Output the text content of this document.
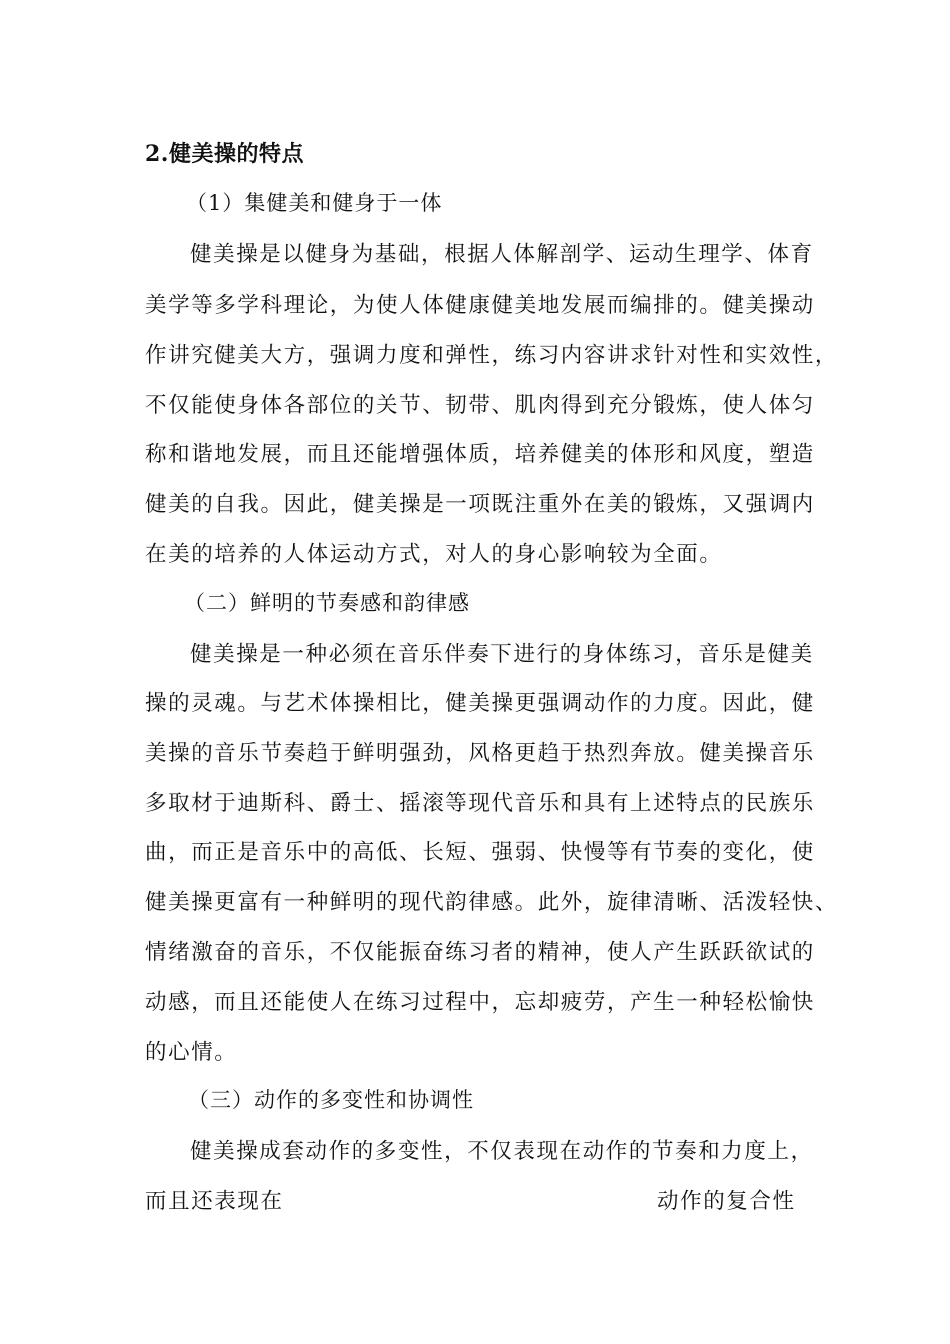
2.健美操的特点
（1）集健美和健身于一体
健美操是以健身为基础，根据人体解剖学、运动生理学、体育
美学等多学科理论，为使人体健康健美地发展而编排的。健美操动
作讲究健美大方，强调力度和弹性，练习内容讲求针对性和实效性，
不仅能使身体各部位的关节、韧带、肌肉得到充分锻炼，使人体匀
称和谐地发展，而且还能增强体质，培养健美的体形和风度，塑造
健美的自我。因此，健美操是一项既注重外在美的锻炼，又强调内
在美的培养的人体运动方式，对人的身心影响较为全面。
（二）鲜明的节奏感和韵律感
健美操是一种必须在音乐伴奏下进行的身体练习，音乐是健美
操的灵魂。与艺术体操相比，健美操更强调动作的力度。因此，健
美操的音乐节奏趋于鲜明强劲，风格更趋于热烈奔放。健美操音乐
多取材于迪斯科、爵士、摇滚等现代音乐和具有上述特点的民族乐
曲，而正是音乐中的高低、长短、强弱、快慢等有节奏的变化，使
健美操更富有一种鲜明的现代韵律感。此外，旋律清晰、活泼轻快、
情绪激奋的音乐，不仅能振奋练习者的精神，使人产生跃跃欲试的
动感，而且还能使人在练习过程中，忘却疲劳，产生一种轻松愉快
的心情。
（三）动作的多变性和协调性
健美操成套动作的多变性，不仅表现在动作的节奏和力度上，
而且还表现在	动作的复合性
